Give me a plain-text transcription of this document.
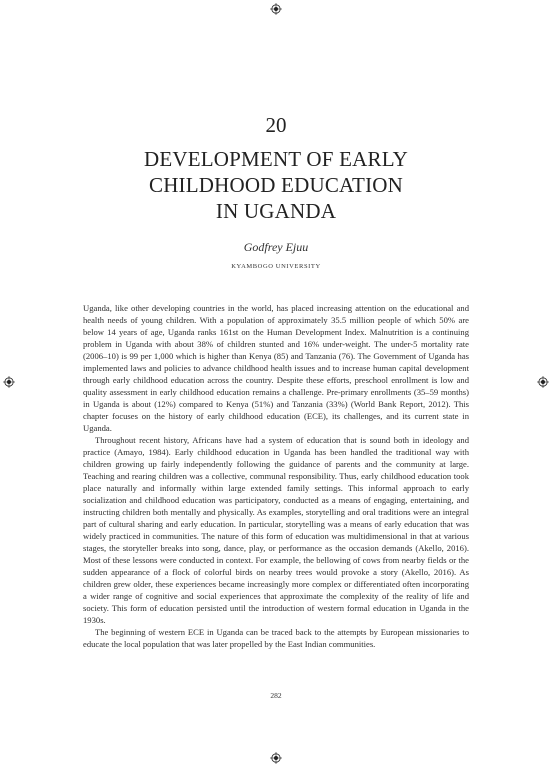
20
DEVELOPMENT OF EARLY
CHILDHOOD EDUCATION
IN UGANDA
Godfrey Ejuu
KYAMBOGO UNIVERSITY

Uganda, like other developing countries in the world, has placed increasing attention on the educational and health needs of young children. With a population of approximately 35.5 million people of which 50% are below 14 years of age, Uganda ranks 161st on the Human Development Index. Malnutrition is a continuing problem in Uganda with about 38% of children stunted and 16% under-weight. The under-5 mortality rate (2006–10) is 99 per 1,000 which is higher than Kenya (85) and Tanzania (76). The Government of Uganda has implemented laws and policies to advance childhood health issues and to increase human capital development through early childhood education across the country. Despite these efforts, preschool enrollment is low and quality assessment in early childhood education remains a challenge. Pre-primary enrollments (35–59 months) in Uganda is about (12%) compared to Kenya (51%) and Tanzania (33%) (World Bank Report, 2012). This chapter focuses on the history of early childhood education (ECE), its challenges, and its current state in Uganda.

Throughout recent history, Africans have had a system of education that is sound both in ideology and practice (Amayo, 1984). Early childhood education in Uganda has been handled the traditional way with children growing up fairly independently following the guidance of parents and the community at large. Teaching and rearing children was a collective, communal responsibility. Thus, early childhood education took place naturally and informally within large extended family settings. This informal approach to early socialization and childhood education was participatory, conducted as a means of engaging, entertaining, and instructing children both mentally and physically. As examples, storytelling and oral traditions were an integral part of cultural sharing and early education. In particular, storytelling was a means of early education that was widely practiced in communities. The nature of this form of education was multidimensional in that at various stages, the storyteller breaks into song, dance, play, or performance as the occasion demands (Akello, 2016). Most of these lessons were conducted in context. For example, the bellowing of cows from nearby fields or the sudden appearance of a flock of colorful birds on nearby trees would provoke a story (Akello, 2016). As children grew older, these experiences became increasingly more complex or differentiated often incorporating a wider range of cognitive and social experiences that approximate the complexity of the reality of life and society. This form of education persisted until the introduction of western formal education in Uganda in the 1930s.

The beginning of western ECE in Uganda can be traced back to the attempts by European missionaries to educate the local population that was later propelled by the East Indian communities.

282
